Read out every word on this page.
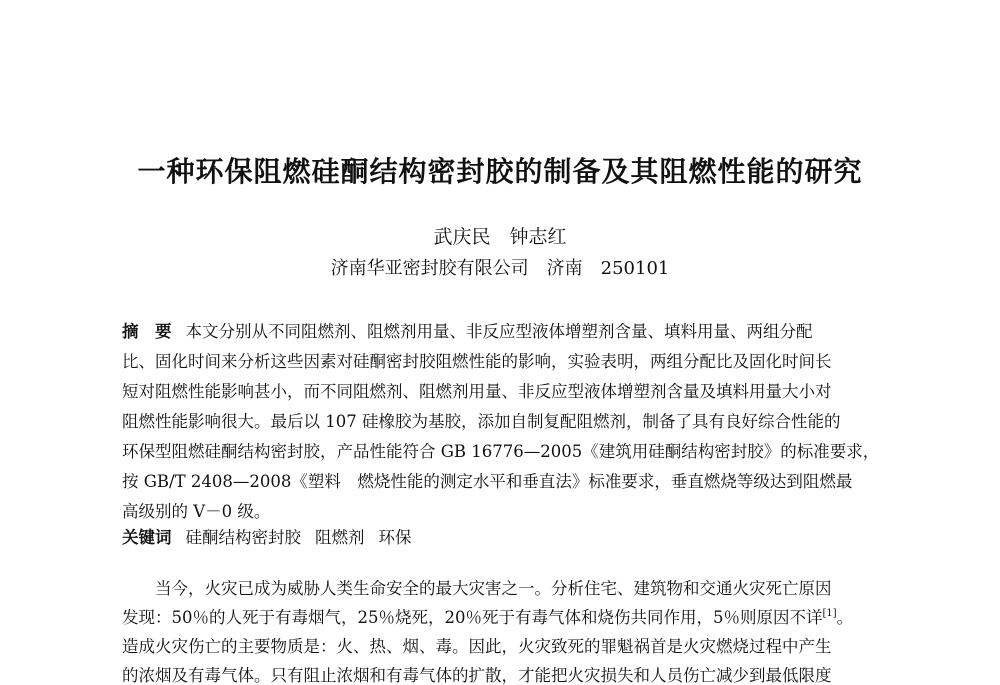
一种环保阻燃硅酮结构密封胶的制备及其阻燃性能的研究
武庆民　钟志红
济南华亚密封胶有限公司　济南　250101
摘　要 本文分别从不同阻燃剂、阻燃剂用量、非反应型液体增塑剂含量、填料用量、两组分配
比、固化时间来分析这些因素对硅酮密封胶阻燃性能的影响，实验表明，两组分配比及固化时间长
短对阻燃性能影响甚小，而不同阻燃剂、阻燃剂用量、非反应型液体增塑剂含量及填料用量大小对
阻燃性能影响很大。最后以 107 硅橡胶为基胶，添加自制复配阻燃剂，制备了具有良好综合性能的
环保型阻燃硅酮结构密封胶，产品性能符合 GB 16776—2005《建筑用硅酮结构密封胶》的标准要求，
按 GB/T 2408—2008《塑料　燃烧性能的测定水平和垂直法》标准要求，垂直燃烧等级达到阻燃最
高级别的 V－0 级。
关键词 硅酮结构密封胶 阻燃剂 环保
　　当今，火灾已成为威胁人类生命安全的最大灾害之一。分析住宅、建筑物和交通火灾死亡原因
发现：50％的人死于有毒烟气，25％烧死，20％死于有毒气体和烧伤共同作用，5％则原因不详[1]。
造成火灾伤亡的主要物质是：火、热、烟、毒。因此，火灾致死的罪魁祸首是火灾燃烧过程中产生
的浓烟及有毒气体。只有阻止浓烟和有毒气体的扩散，才能把火灾损失和人员伤亡减少到最低限度
